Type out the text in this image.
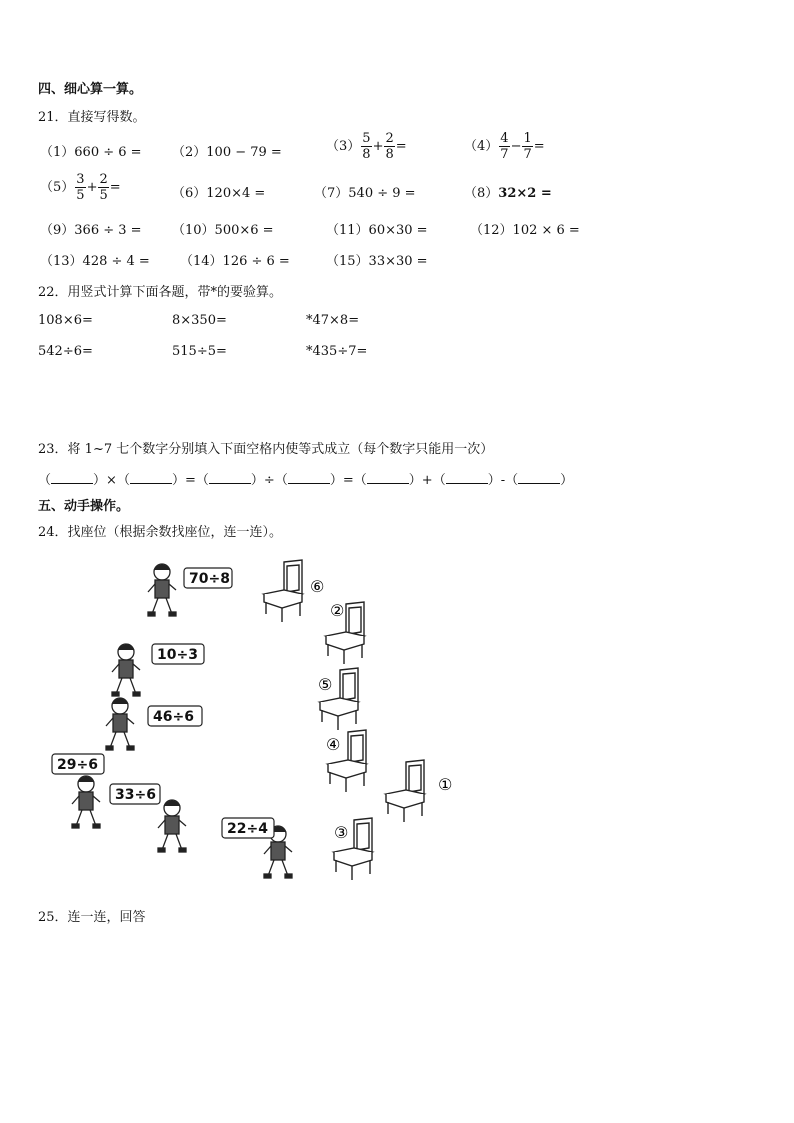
四、细心算一算。
21．直接写得数。
（1）660 ÷ 6 = （2）100 − 79 =	$(3) \frac{5}{8} + \frac{2}{8}$ =	$(4) \frac{4}{7} - \frac{1}{7}$ =
$(5) \frac{3}{5} + \frac{2}{5}$ =	（6）120×4 =	（7）540 ÷ 9 =	（8）32×2 =
（9）366 ÷ 3 = （10）500×6 =	（11）60×30 =	（12）102 × 6 =
（13）428 ÷ 4 = （14）126 ÷ 6 =	（15）33×30 =
22．用竖式计算下面各题，带*的要验算。
108×6=	8×350=	*47×8=
542÷6=	515÷5=	*435÷7=
23．将 1~7 七个数字分别填入下面空格内使等式成立（每个数字只能用一次）
（	）×（	）=（	）÷（	）=（	）+（	）-（	）
五、动手操作。
24．找座位（根据余数找座位，连一连）。
⑥
②
⑤
④
①
③
70÷8
10÷3
46÷6
29÷6
33÷6
22÷4
25．连一连，回答
